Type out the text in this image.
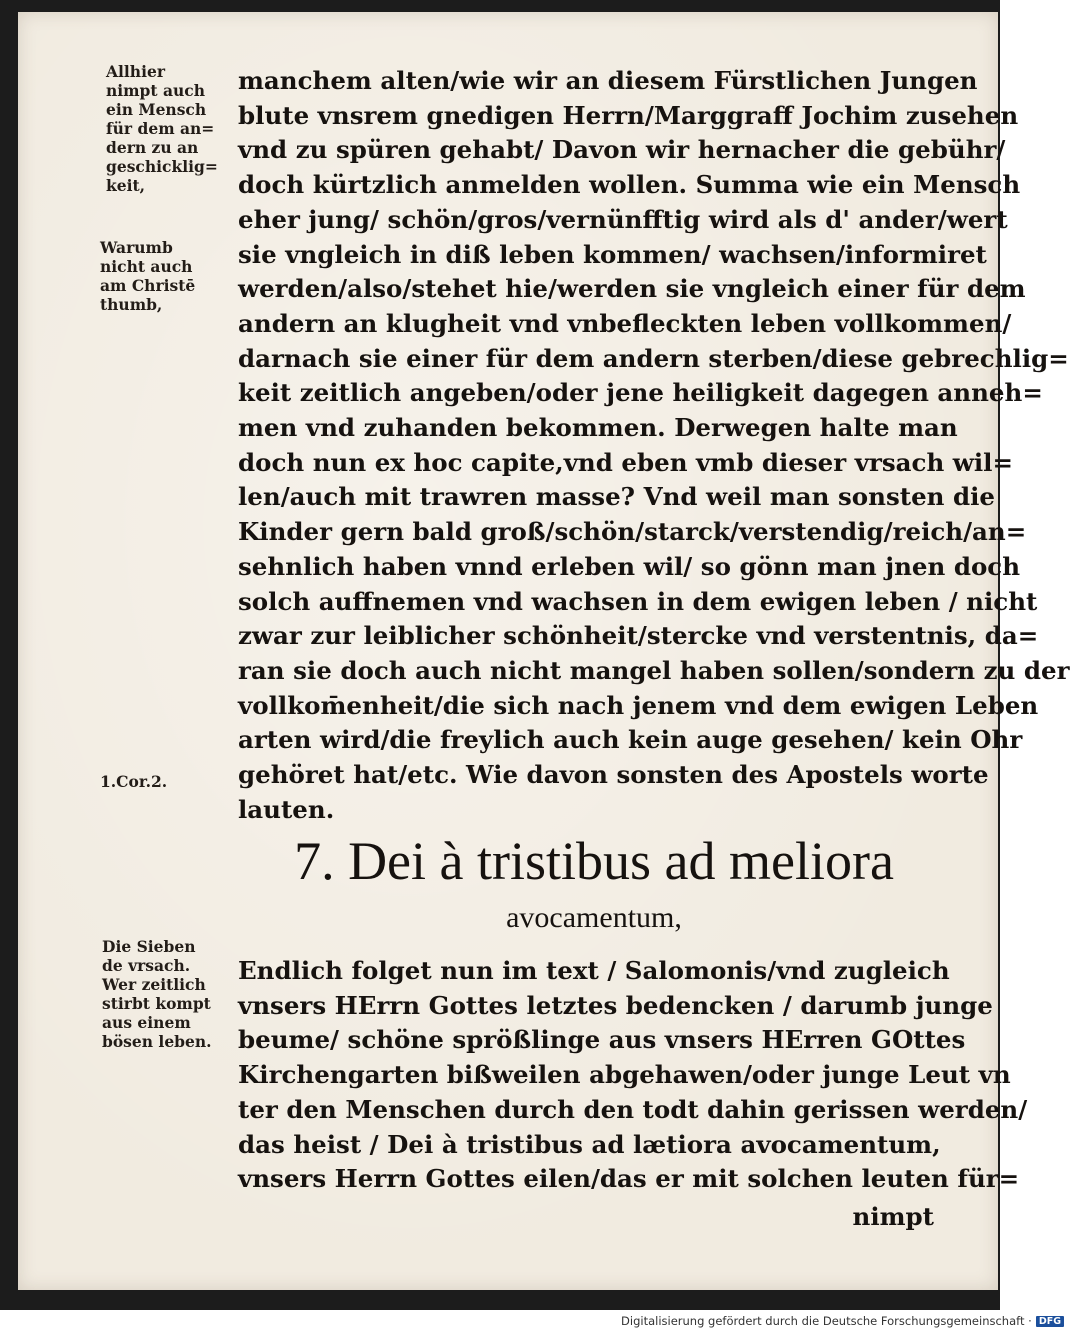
Allhier
nimpt auch
ein Mensch
für dem an=
dern zu an
geschicklig=
keit,
Warumb
nicht auch
am Christē
thumb,
1.Cor.2.
Die Sieben
de vrsach.
Wer zeitlich
stirbt kompt
aus einem
bösen leben.
manchem alten/wie wir an diesem Fürstlichen Jungen
blute vnsrem gnedigen Herrn/Marggraff Jochim zusehen
vnd zu spüren gehabt/ Davon wir hernacher die gebühr/
doch kürtzlich anmelden wollen. Summa wie ein Mensch
eher jung/ schön/gros/vernünfftig wird als d' ander/wert
sie vngleich in diß leben kommen/ wachsen/informiret
werden/also/stehet hie/werden sie vngleich einer für dem
andern an klugheit vnd vnbefleckten leben vollkommen/
darnach sie einer für dem andern sterben/diese gebrechlig=
keit zeitlich angeben/oder jene heiligkeit dagegen anneh=
men vnd zuhanden bekommen. Derwegen halte man
doch nun ex hoc capite,vnd eben vmb dieser vrsach wil=
len/auch mit trawren masse? Vnd weil man sonsten die
Kinder gern bald groß/schön/starck/verstendig/reich/an=
sehnlich haben vnnd erleben wil/ so gönn man jnen doch
solch auffnemen vnd wachsen in dem ewigen leben / nicht
zwar zur leiblicher schönheit/stercke vnd verstentnis, da=
ran sie doch auch nicht mangel haben sollen/sondern zu der
vollkom̄enheit/die sich nach jenem vnd dem ewigen Leben
arten wird/die freylich auch kein auge gesehen/ kein Ohr
gehöret hat/etc. Wie davon sonsten des Apostels worte
lauten.
7. Dei à tristibus ad meliora
avocamentum,
Endlich folget nun im text / Salomonis/vnd zugleich
vnsers HErrn Gottes letztes bedencken / darumb junge
beume/ schöne sprößlinge aus vnsers HErren GOttes
Kirchengarten bißweilen abgehawen/oder junge Leut vn
ter den Menschen durch den todt dahin gerissen werden/
das heist / Dei à tristibus ad lætiora avocamentum,
vnsers Herrn Gottes eilen/das er mit solchen leuten für=
nimpt
Digitalisierung gefördert durch die Deutsche Forschungsgemeinschaft · DFG
